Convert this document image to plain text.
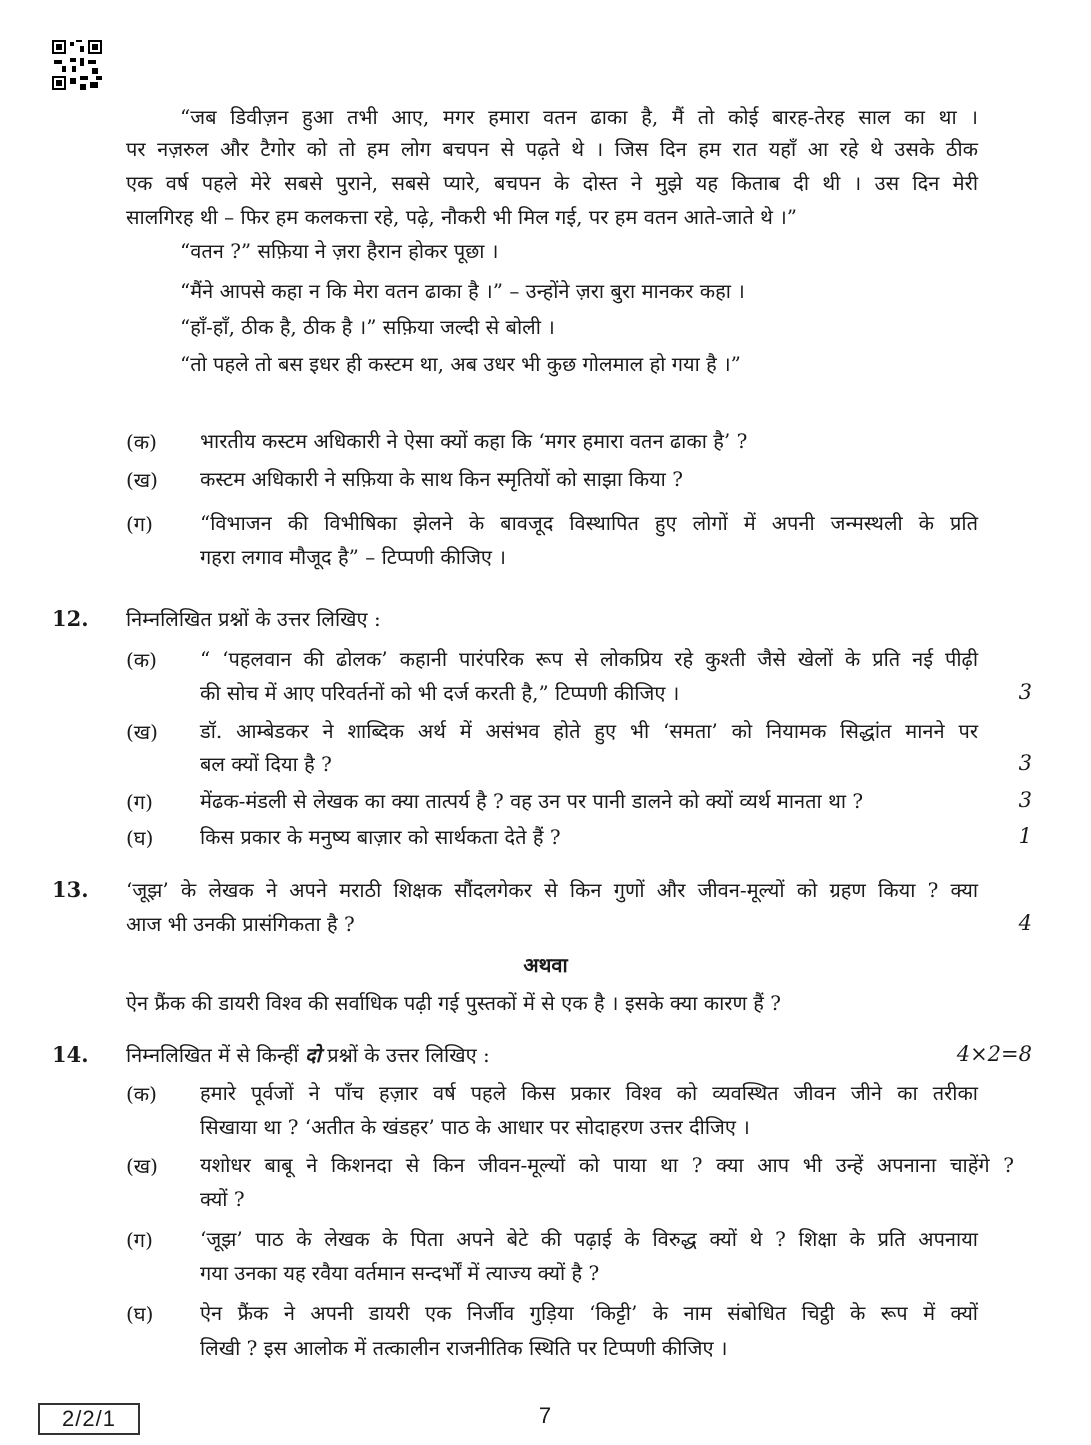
“जब डिवीज़न हुआ तभी आए, मगर हमारा वतन ढाका है, मैं तो कोई बारह-तेरह साल का था ।
पर नज़रुल और टैगोर को तो हम लोग बचपन से पढ़ते थे । जिस दिन हम रात यहाँ आ रहे थे उसके ठीक
एक वर्ष पहले मेरे सबसे पुराने, सबसे प्यारे, बचपन के दोस्त ने मुझे यह किताब दी थी । उस दिन मेरी
सालगिरह थी – फिर हम कलकत्ता रहे, पढ़े, नौकरी भी मिल गई, पर हम वतन आते-जाते थे ।”
“वतन ?” सफ़िया ने ज़रा हैरान होकर पूछा ।
“मैंने आपसे कहा न कि मेरा वतन ढाका है ।” – उन्होंने ज़रा बुरा मानकर कहा ।
“हाँ-हाँ, ठीक है, ठीक है ।” सफ़िया जल्दी से बोली ।
“तो पहले तो बस इधर ही कस्टम था, अब उधर भी कुछ गोलमाल हो गया है ।”
(क) भारतीय कस्टम अधिकारी ने ऐसा क्यों कहा कि ‘मगर हमारा वतन ढाका है’ ?
(ख) कस्टम अधिकारी ने सफ़िया के साथ किन स्मृतियों को साझा किया ?
(ग) “विभाजन की विभीषिका झेलने के बावजूद विस्थापित हुए लोगों में अपनी जन्मस्थली के प्रति
गहरा लगाव मौजूद है” – टिप्पणी कीजिए ।
12. निम्नलिखित प्रश्नों के उत्तर लिखिए :
(क) “ ‘पहलवान की ढोलक’ कहानी पारंपरिक रूप से लोकप्रिय रहे कुश्ती जैसे खेलों के प्रति नई पीढ़ी
की सोच में आए परिवर्तनों को भी दर्ज करती है,” टिप्पणी कीजिए ।	3
(ख) डॉ. आम्बेडकर ने शाब्दिक अर्थ में असंभव होते हुए भी ‘समता’ को नियामक सिद्धांत मानने पर
बल क्यों दिया है ?	3
(ग) मेंढक-मंडली से लेखक का क्या तात्पर्य है ? वह उन पर पानी डालने को क्यों व्यर्थ मानता था ?	3
(घ) किस प्रकार के मनुष्य बाज़ार को सार्थकता देते हैं ?	1
13. ‘जूझ’ के लेखक ने अपने मराठी शिक्षक सौंदलगेकर से किन गुणों और जीवन-मूल्यों को ग्रहण किया ? क्या
आज भी उनकी प्रासंगिकता है ?	4
अथवा
ऐन फ्रैंक की डायरी विश्व की सर्वाधिक पढ़ी गई पुस्तकों में से एक है । इसके क्या कारण हैं ?
14. निम्नलिखित में से किन्हीं दो प्रश्नों के उत्तर लिखिए :	4×2=8
(क) हमारे पूर्वजों ने पाँच हज़ार वर्ष पहले किस प्रकार विश्व को व्यवस्थित जीवन जीने का तरीका
सिखाया था ? ‘अतीत के खंडहर’ पाठ के आधार पर सोदाहरण उत्तर दीजिए ।
(ख) यशोधर बाबू ने किशनदा से किन जीवन-मूल्यों को पाया था ? क्या आप भी उन्हें अपनाना चाहेंगे ?
क्यों ?
(ग) ‘जूझ’ पाठ के लेखक के पिता अपने बेटे की पढ़ाई के विरुद्ध क्यों थे ? शिक्षा के प्रति अपनाया
गया उनका यह रवैया वर्तमान सन्दर्भों में त्याज्य क्यों है ?
(घ) ऐन फ्रैंक ने अपनी डायरी एक निर्जीव गुड़िया ‘किट्टी’ के नाम संबोधित चिट्ठी के रूप में क्यों
लिखी ? इस आलोक में तत्कालीन राजनीतिक स्थिति पर टिप्पणी कीजिए ।
2/2/1	7
